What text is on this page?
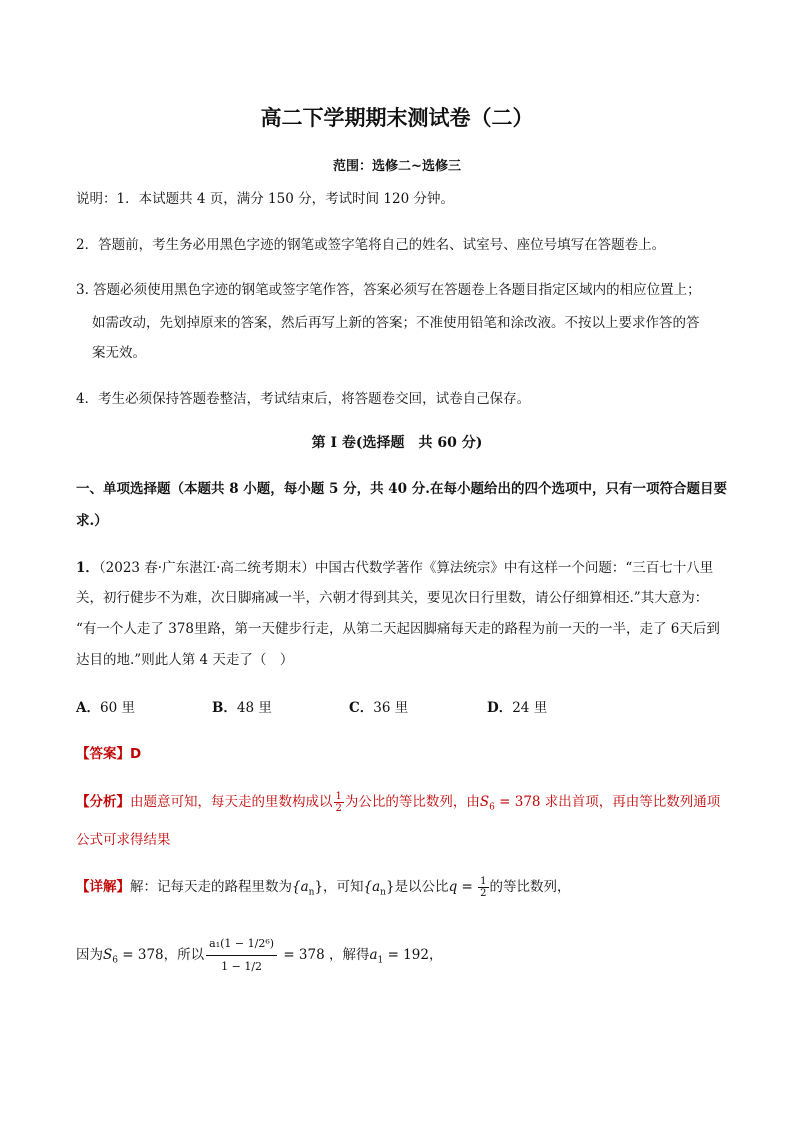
高二下学期期末测试卷（二）
范围：选修二~选修三
说明：1．本试题共 4 页，满分 150 分，考试时间 120 分钟。
2．答题前，考生务必用黑色字迹的钢笔或签字笔将自己的姓名、试室号、座位号填写在答题卷上。
3. 答题必须使用黑色字迹的钢笔或签字笔作答，答案必须写在答题卷上各题目指定区域内的相应位置上；
如需改动，先划掉原来的答案，然后再写上新的答案；不准使用铅笔和涂改液。不按以上要求作答的答
案无效。
4．考生必须保持答题卷整洁，考试结束后，将答题卷交回，试卷自己保存。
第 I 卷(选择题　共 60 分)
一、单项选择题（本题共 8 小题，每小题 5 分，共 40 分.在每小题给出的四个选项中，只有一项符合题目要
求.）
1．（2023 春·广东湛江·高二统考期末）中国古代数学著作《算法统宗》中有这样一个问题：“三百七十八里
关，初行健步不为难，次日脚痛减一半，六朝才得到其关，要见次日行里数，请公仔细算相还.”其大意为：
“有一个人走了 378里路，第一天健步行走，从第二天起因脚痛每天走的路程为前一天的一半，走了 6天后到
达目的地.”则此人第 4 天走了（　）
A．60 里	B．48 里	C．36 里	D．24 里
【答案】D
【分析】由题意可知，每天走的里数构成以 $\frac{1}{2}$ 为公比的等比数列，由$S_6 = 378$ 求出首项，再由等比数列通项
公式可求得结果
【详解】解：记每天走的路程里数为$\{a_n\}$，可知$\{a_n\}$是以公比$q = \frac{1}{2}$ 的等比数列，
因为$S_6 = 378$，所以 $\frac{\text{a₁(1 − 1/2⁶)}}{1 - 1/2} = 378$ ，解得$a_1 = 192$，
